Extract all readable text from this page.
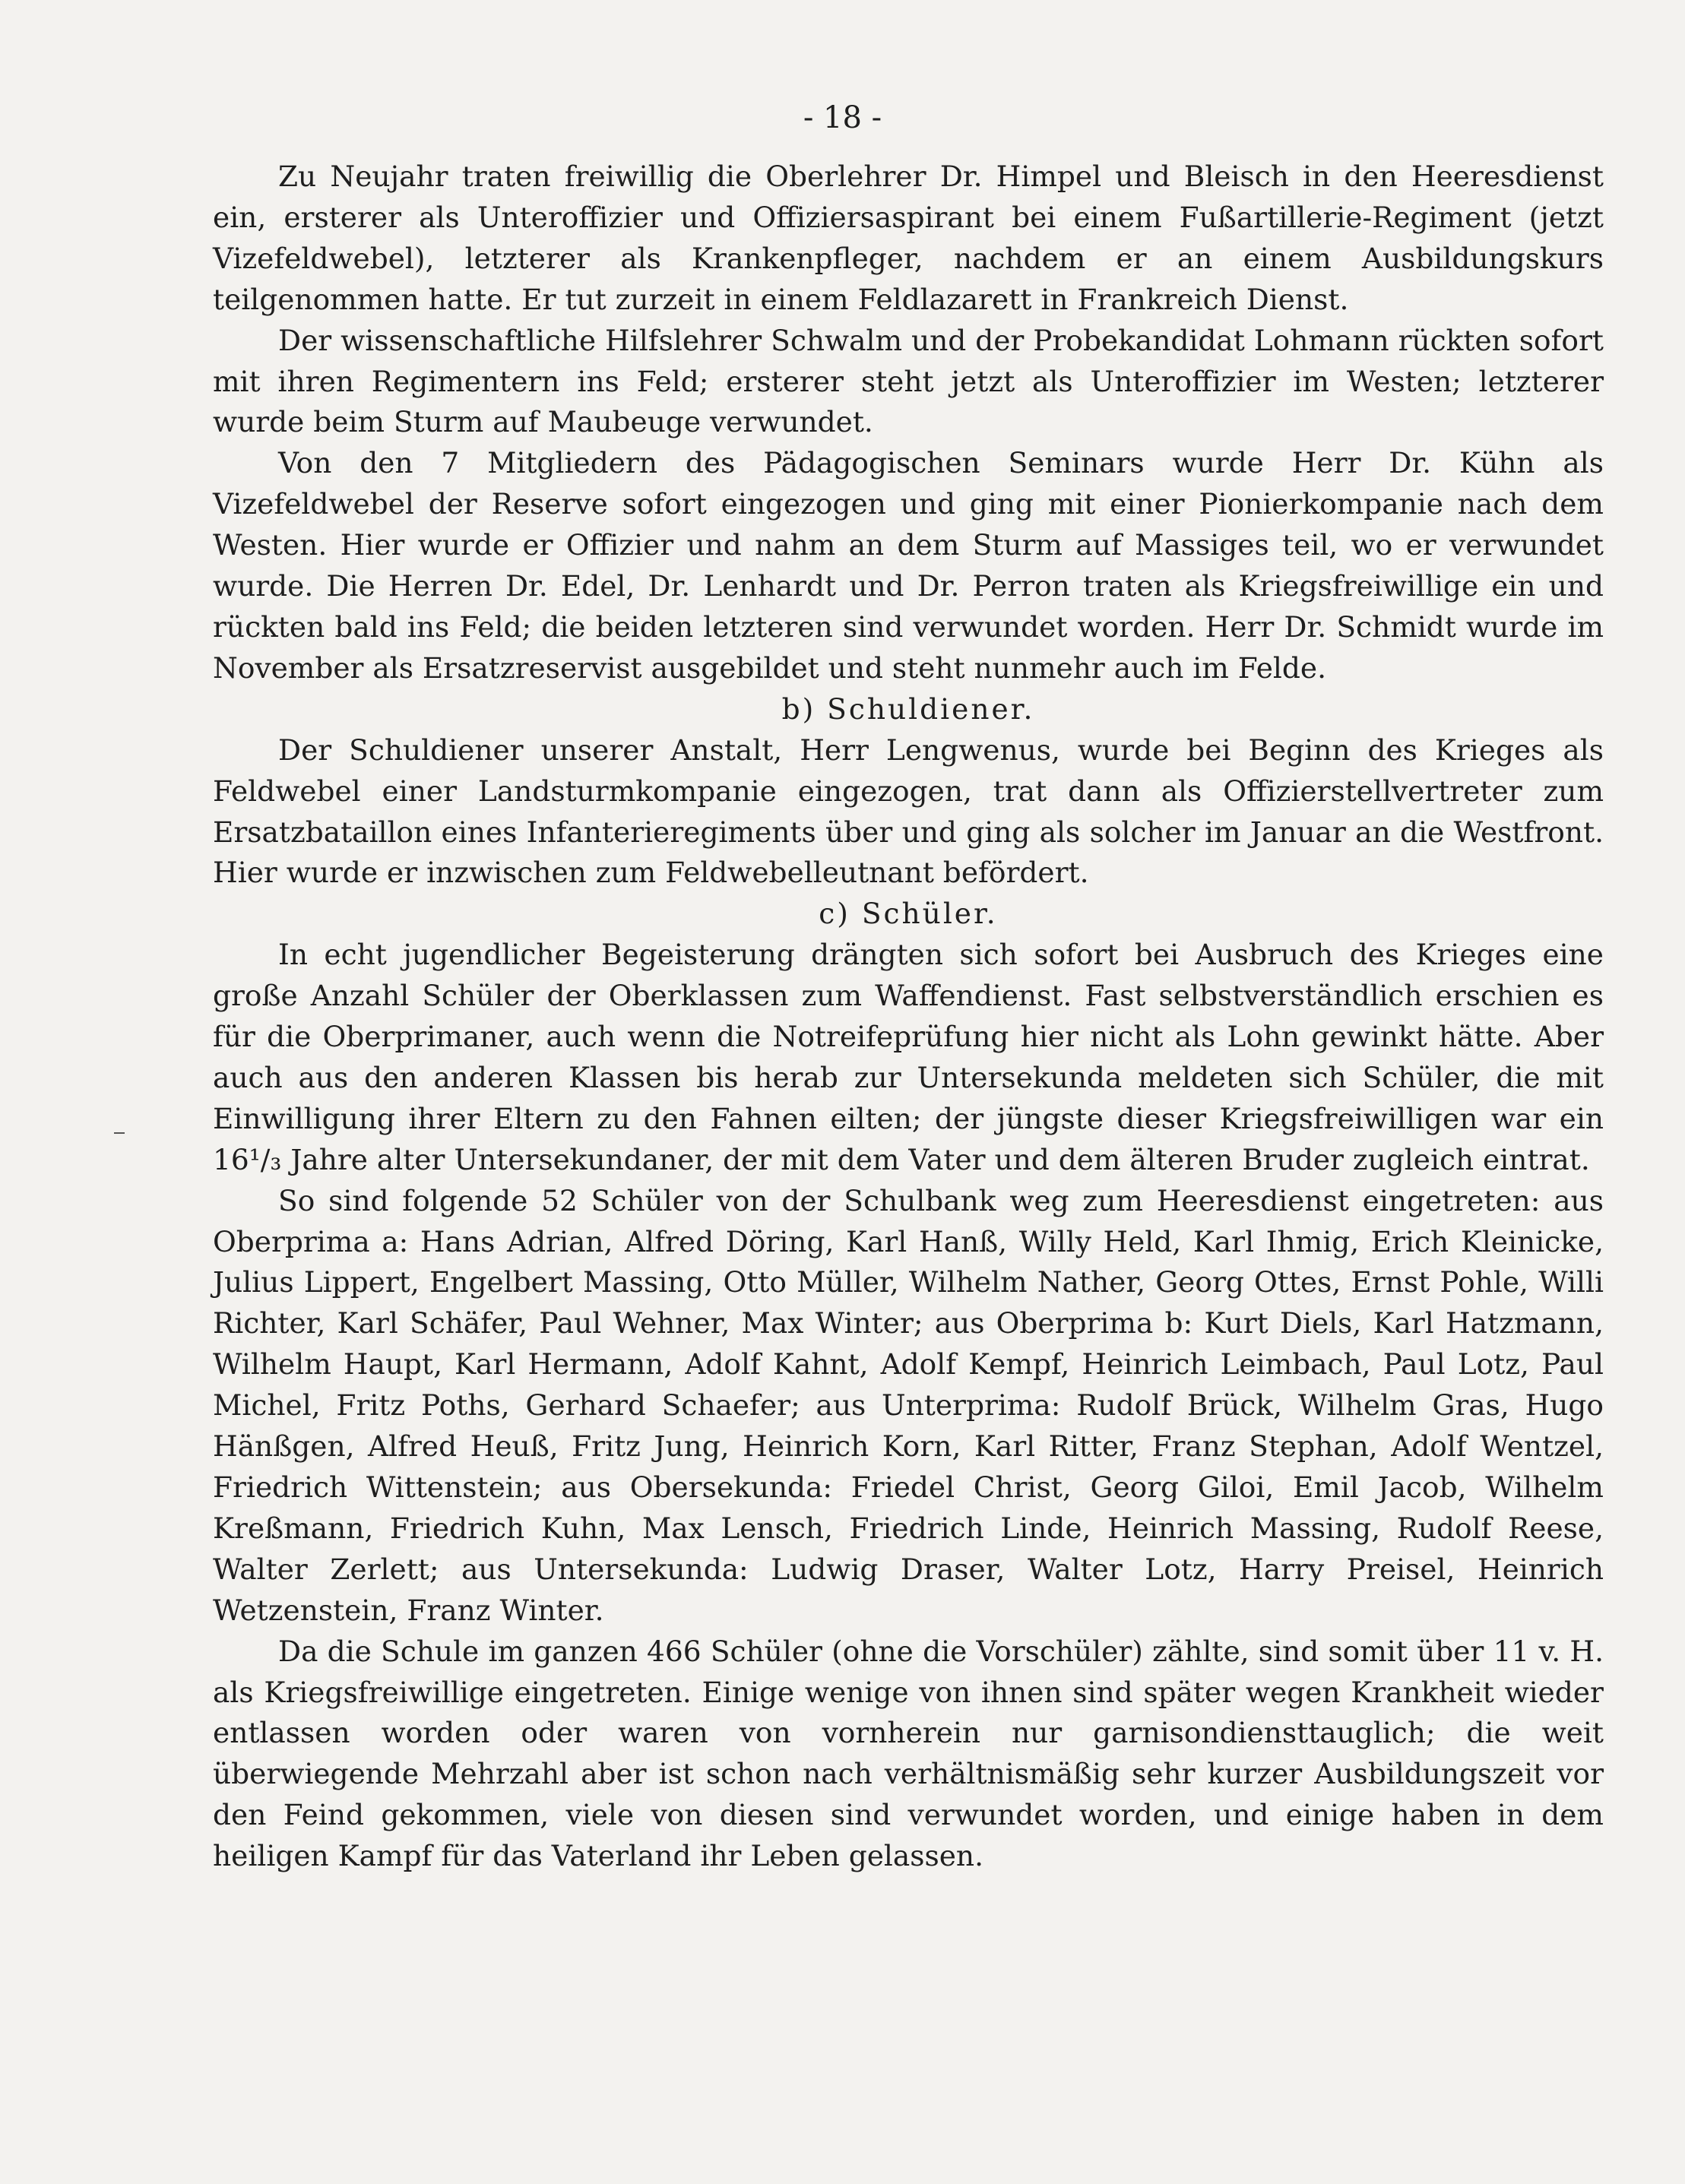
- 18 -

Zu Neujahr traten freiwillig die Oberlehrer Dr. Himpel und Bleisch in den Heeresdienst ein, ersterer als Unteroffizier und Offiziersaspirant bei einem Fußartillerie-Regiment (jetzt Vizefeldwebel), letzterer als Krankenpfleger, nachdem er an einem Ausbildungskurs teilgenommen hatte. Er tut zurzeit in einem Feldlazarett in Frankreich Dienst.

Der wissenschaftliche Hilfslehrer Schwalm und der Probekandidat Lohmann rückten sofort mit ihren Regimentern ins Feld; ersterer steht jetzt als Unteroffizier im Westen; letzterer wurde beim Sturm auf Maubeuge verwundet.

Von den 7 Mitgliedern des Pädagogischen Seminars wurde Herr Dr. Kühn als Vizefeldwebel der Reserve sofort eingezogen und ging mit einer Pionierkompanie nach dem Westen. Hier wurde er Offizier und nahm an dem Sturm auf Massiges teil, wo er verwundet wurde. Die Herren Dr. Edel, Dr. Lenhardt und Dr. Perron traten als Kriegsfreiwillige ein und rückten bald ins Feld; die beiden letzteren sind verwundet worden. Herr Dr. Schmidt wurde im November als Ersatzreservist ausgebildet und steht nunmehr auch im Felde.

b) Schuldiener.

Der Schuldiener unserer Anstalt, Herr Lengwenus, wurde bei Beginn des Krieges als Feldwebel einer Landsturmkompanie eingezogen, trat dann als Offizierstellvertreter zum Ersatzbataillon eines Infanterieregiments über und ging als solcher im Januar an die Westfront. Hier wurde er inzwischen zum Feldwebelleutnant befördert.

c) Schüler.

In echt jugendlicher Begeisterung drängten sich sofort bei Ausbruch des Krieges eine große Anzahl Schüler der Oberklassen zum Waffendienst. Fast selbstverständlich erschien es für die Oberprimaner, auch wenn die Notreifeprüfung hier nicht als Lohn gewinkt hätte. Aber auch aus den anderen Klassen bis herab zur Untersekunda meldeten sich Schüler, die mit Einwilligung ihrer Eltern zu den Fahnen eilten; der jüngste dieser Kriegsfreiwilligen war ein 16¹/₃ Jahre alter Untersekundaner, der mit dem Vater und dem älteren Bruder zugleich eintrat.

So sind folgende 52 Schüler von der Schulbank weg zum Heeresdienst eingetreten: aus Oberprima a: Hans Adrian, Alfred Döring, Karl Hanß, Willy Held, Karl Ihmig, Erich Kleinicke, Julius Lippert, Engelbert Massing, Otto Müller, Wilhelm Nather, Georg Ottes, Ernst Pohle, Willi Richter, Karl Schäfer, Paul Wehner, Max Winter; aus Oberprima b: Kurt Diels, Karl Hatzmann, Wilhelm Haupt, Karl Hermann, Adolf Kahnt, Adolf Kempf, Heinrich Leimbach, Paul Lotz, Paul Michel, Fritz Poths, Gerhard Schaefer; aus Unterprima: Rudolf Brück, Wilhelm Gras, Hugo Hänßgen, Alfred Heuß, Fritz Jung, Heinrich Korn, Karl Ritter, Franz Stephan, Adolf Wentzel, Friedrich Wittenstein; aus Obersekunda: Friedel Christ, Georg Giloi, Emil Jacob, Wilhelm Kreßmann, Friedrich Kuhn, Max Lensch, Friedrich Linde, Heinrich Massing, Rudolf Reese, Walter Zerlett; aus Untersekunda: Ludwig Draser, Walter Lotz, Harry Preisel, Heinrich Wetzenstein, Franz Winter.

Da die Schule im ganzen 466 Schüler (ohne die Vorschüler) zählte, sind somit über 11 v. H. als Kriegsfreiwillige eingetreten. Einige wenige von ihnen sind später wegen Krankheit wieder entlassen worden oder waren von vornherein nur garnisondiensttauglich; die weit überwiegende Mehrzahl aber ist schon nach verhältnismäßig sehr kurzer Ausbildungszeit vor den Feind gekommen, viele von diesen sind verwundet worden, und einige haben in dem heiligen Kampf für das Vaterland ihr Leben gelassen.
